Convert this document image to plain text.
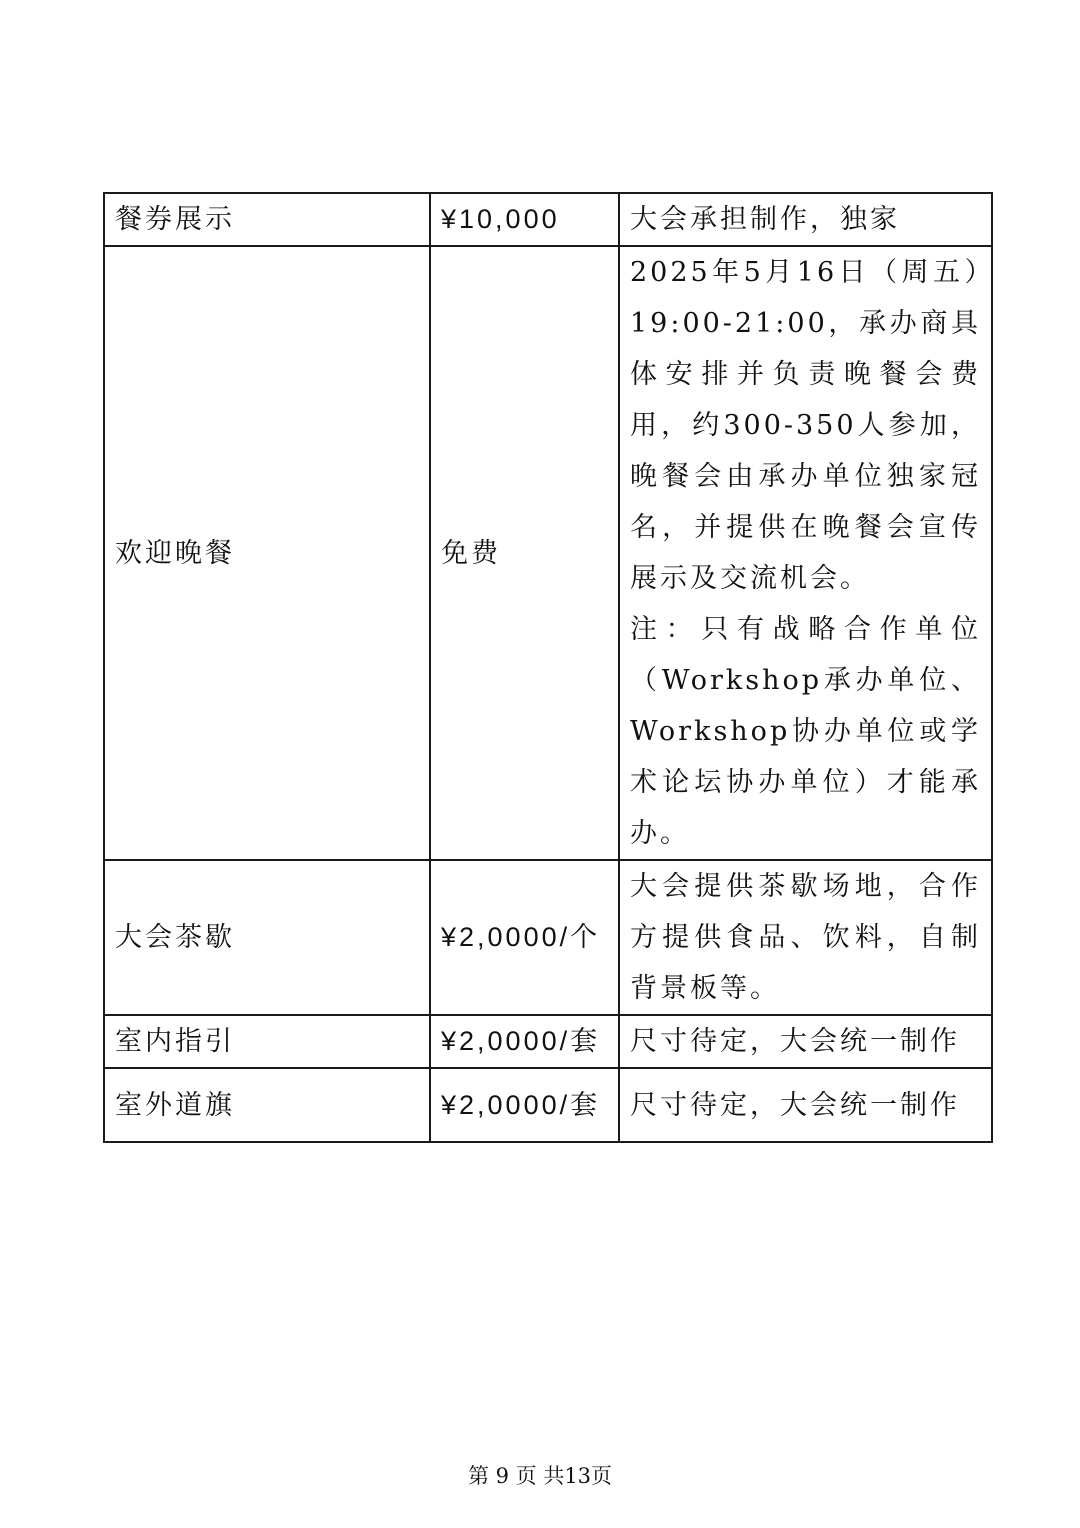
餐券展示	¥10,000	大会承担制作，独家

欢迎晚餐	免费	2025年5月16日（周五）19:00-21:00，承办商具体安排并负责晚餐会费用，约300-350人参加，晚餐会由承办单位独家冠名，并提供在晚餐会宣传展示及交流机会。
注：只有战略合作单位（Workshop承办单位、Workshop协办单位或学术论坛协办单位）才能承办。

大会茶歇	¥2,0000/个	大会提供茶歇场地，合作方提供食品、饮料，自制背景板等。

室内指引	¥2,0000/套	尺寸待定，大会统一制作

室外道旗	¥2,0000/套	尺寸待定，大会统一制作
第 9 页 共13页
